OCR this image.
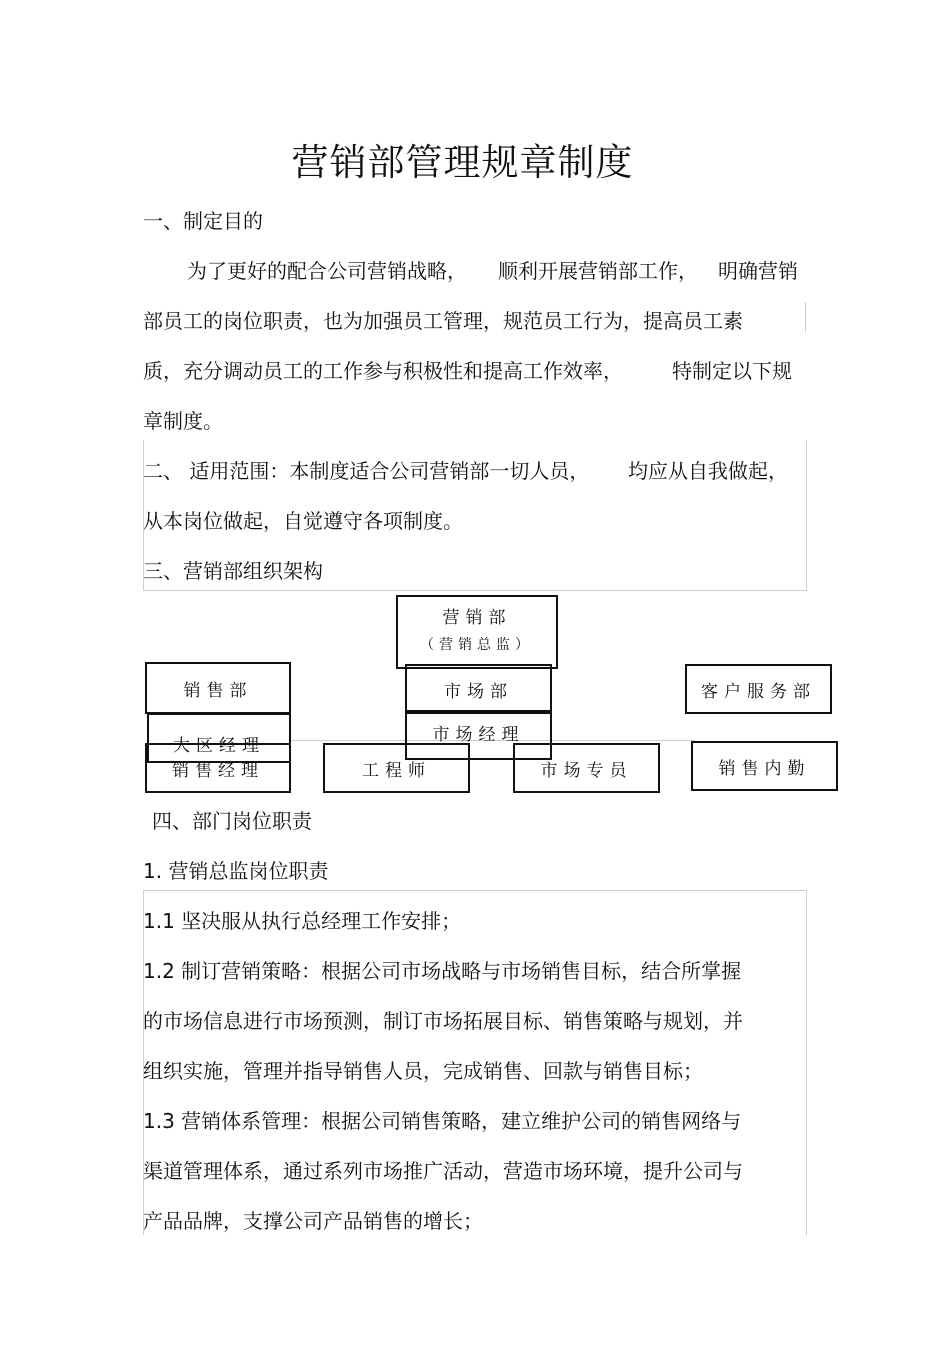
营销部管理规章制度
一、制定目的
为了更好的配合公司营销战略， 顺利开展营销部工作， 明确营销
部员工的岗位职责，也为加强员工管理，规范员工行为，提高员工素
质，充分调动员工的工作参与积极性和提高工作效率， 特制定以下规
章制度。
二、 适用范围：本制度适合公司营销部一切人员， 均应从自我做起，
从本岗位做起，自觉遵守各项制度。
三、营销部组织架构
营销部
（营销总监）
销售部	市场部	客户服务部
大区经理
市场经理
销售经理	工程师	市场专员	销售内勤
四、部门岗位职责
1. 营销总监岗位职责
1.1 坚决服从执行总经理工作安排；
1.2 制订营销策略：根据公司市场战略与市场销售目标，结合所掌握
的市场信息进行市场预测，制订市场拓展目标、销售策略与规划，并
组织实施，管理并指导销售人员，完成销售、回款与销售目标；
1.3 营销体系管理：根据公司销售策略，建立维护公司的销售网络与
渠道管理体系，通过系列市场推广活动，营造市场环境，提升公司与
产品品牌，支撑公司产品销售的增长；
